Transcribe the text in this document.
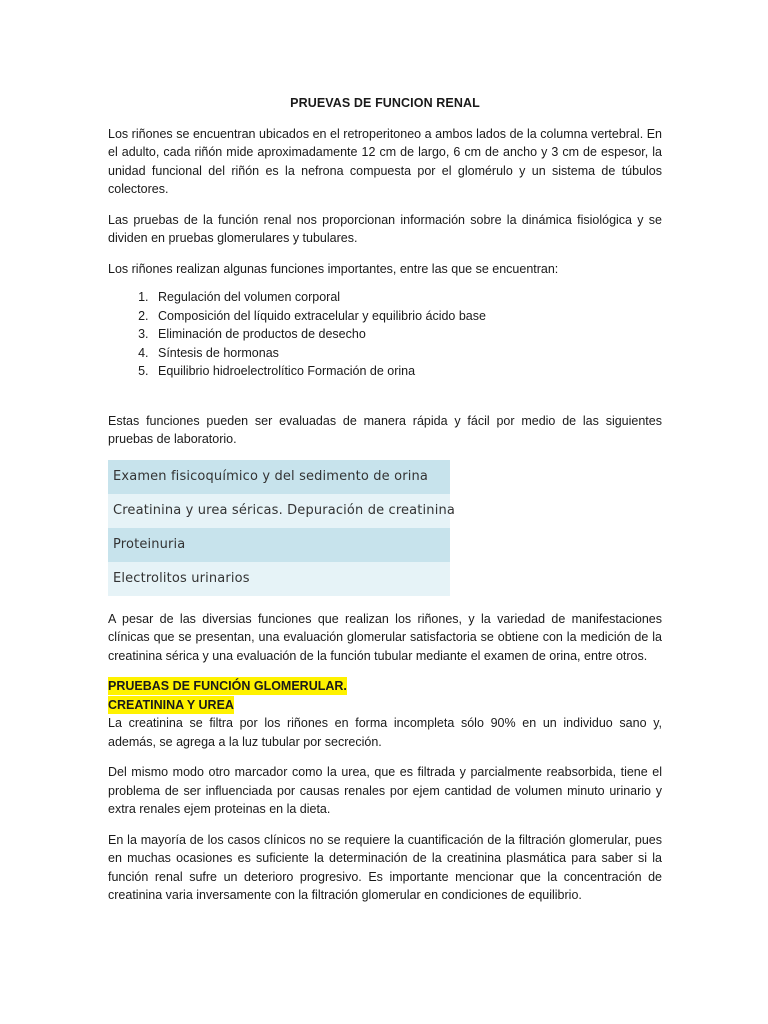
PRUEVAS DE FUNCION RENAL

Los riñones se encuentran ubicados en el retroperitoneo a ambos lados de la columna vertebral. En el adulto, cada riñón mide aproximadamente 12 cm de largo, 6 cm de ancho y 3 cm de espesor, la unidad funcional del riñón es la nefrona compuesta por el glomérulo y un sistema de túbulos colectores.

Las pruebas de la función renal nos proporcionan información sobre la dinámica fisiológica y se dividen en pruebas glomerulares y tubulares.

Los riñones realizan algunas funciones importantes, entre las que se encuentran:

1. Regulación del volumen corporal
2. Composición del líquido extracelular y equilibrio ácido base
3. Eliminación de productos de desecho
4. Síntesis de hormonas
5. Equilibrio hidroelectrolítico Formación de orina

Estas funciones pueden ser evaluadas de manera rápida y fácil por medio de las siguientes pruebas de laboratorio.

Examen fisicoquímico y del sedimento de orina
Creatinina y urea séricas. Depuración de creatinina
Proteinuria
Electrolitos urinarios

A pesar de las diversias funciones que realizan los riñones, y la variedad de manifestaciones clínicas que se presentan, una evaluación glomerular satisfactoria se obtiene con la medición de la creatinina sérica y una evaluación de la función tubular mediante el examen de orina, entre otros.

PRUEBAS DE FUNCIÓN GLOMERULAR.
CREATININA Y UREA

La creatinina se filtra por los riñones en forma incompleta sólo 90% en un individuo sano y, además, se agrega a la luz tubular por secreción.

Del mismo modo otro marcador como la urea, que es filtrada y parcialmente reabsorbida, tiene el problema de ser influenciada por causas renales por ejem cantidad de volumen minuto urinario y extra renales ejem proteinas en la dieta.

En la mayoría de los casos clínicos no se requiere la cuantificación de la filtración glomerular, pues en muchas ocasiones es suficiente la determinación de la creatinina plasmática para saber si la función renal sufre un deterioro progresivo. Es importante mencionar que la concentración de creatinina varia inversamente con la filtración glomerular en condiciones de equilibrio.
